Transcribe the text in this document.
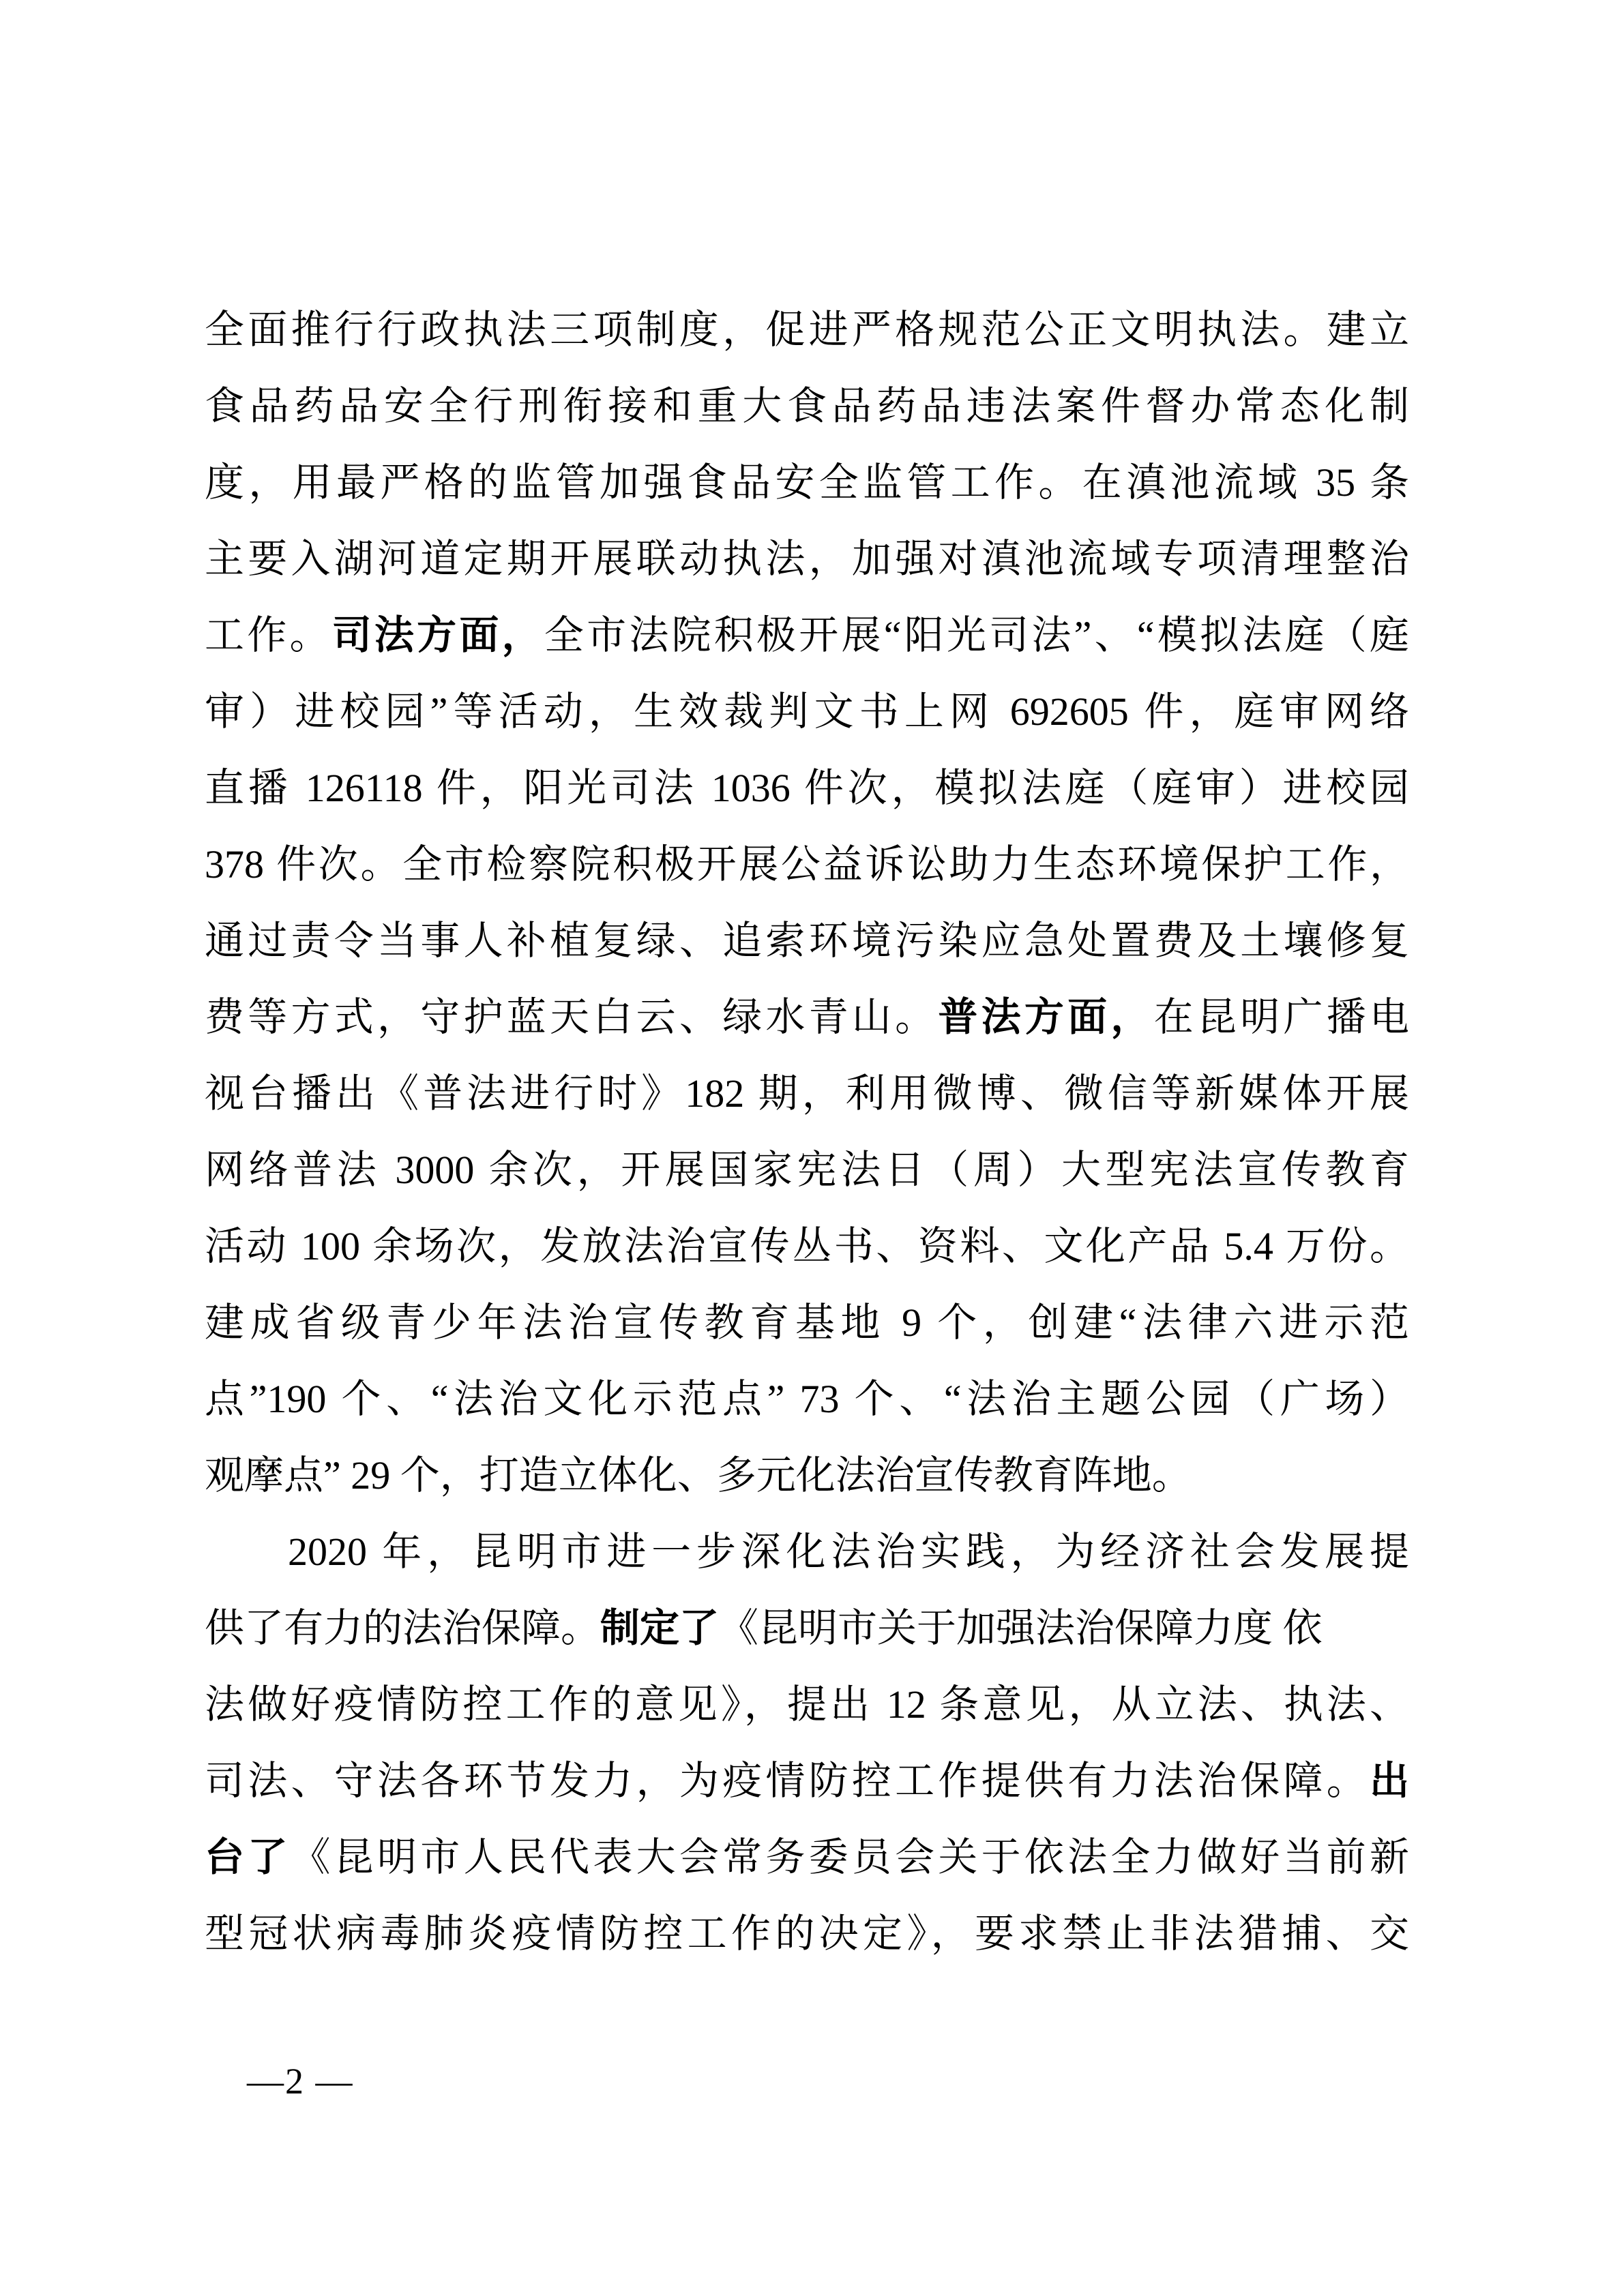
全面推行行政执法三项制度，促进严格规范公正文明执法。建立
食品药品安全行刑衔接和重大食品药品违法案件督办常态化制
度，用最严格的监管加强食品安全监管工作。在滇池流域 35 条
主要入湖河道定期开展联动执法，加强对滇池流域专项清理整治
工作。司法方面，全市法院积极开展“阳光司法”、“模拟法庭（庭
审）进校园”等活动，生效裁判文书上网 692605 件，庭审网络
直播 126118 件，阳光司法 1036 件次，模拟法庭（庭审）进校园
378 件次。全市检察院积极开展公益诉讼助力生态环境保护工作，
通过责令当事人补植复绿、追索环境污染应急处置费及土壤修复
费等方式，守护蓝天白云、绿水青山。普法方面，在昆明广播电
视台播出《普法进行时》182 期，利用微博、微信等新媒体开展
网络普法 3000 余次，开展国家宪法日（周）大型宪法宣传教育
活动 100 余场次，发放法治宣传丛书、资料、文化产品 5.4 万份。
建成省级青少年法治宣传教育基地 9 个，创建“法律六进示范
点”190 个、“法治文化示范点” 73 个、“法治主题公园（广场）
观摩点” 29 个，打造立体化、多元化法治宣传教育阵地。
2020 年，昆明市进一步深化法治实践，为经济社会发展提
供了有力的法治保障。制定了《昆明市关于加强法治保障力度 依
法做好疫情防控工作的意见》，提出 12 条意见，从立法、执法、
司法、守法各环节发力，为疫情防控工作提供有力法治保障。出
台了《昆明市人民代表大会常务委员会关于依法全力做好当前新
型冠状病毒肺炎疫情防控工作的决定》，要求禁止非法猎捕、交
—2 —
